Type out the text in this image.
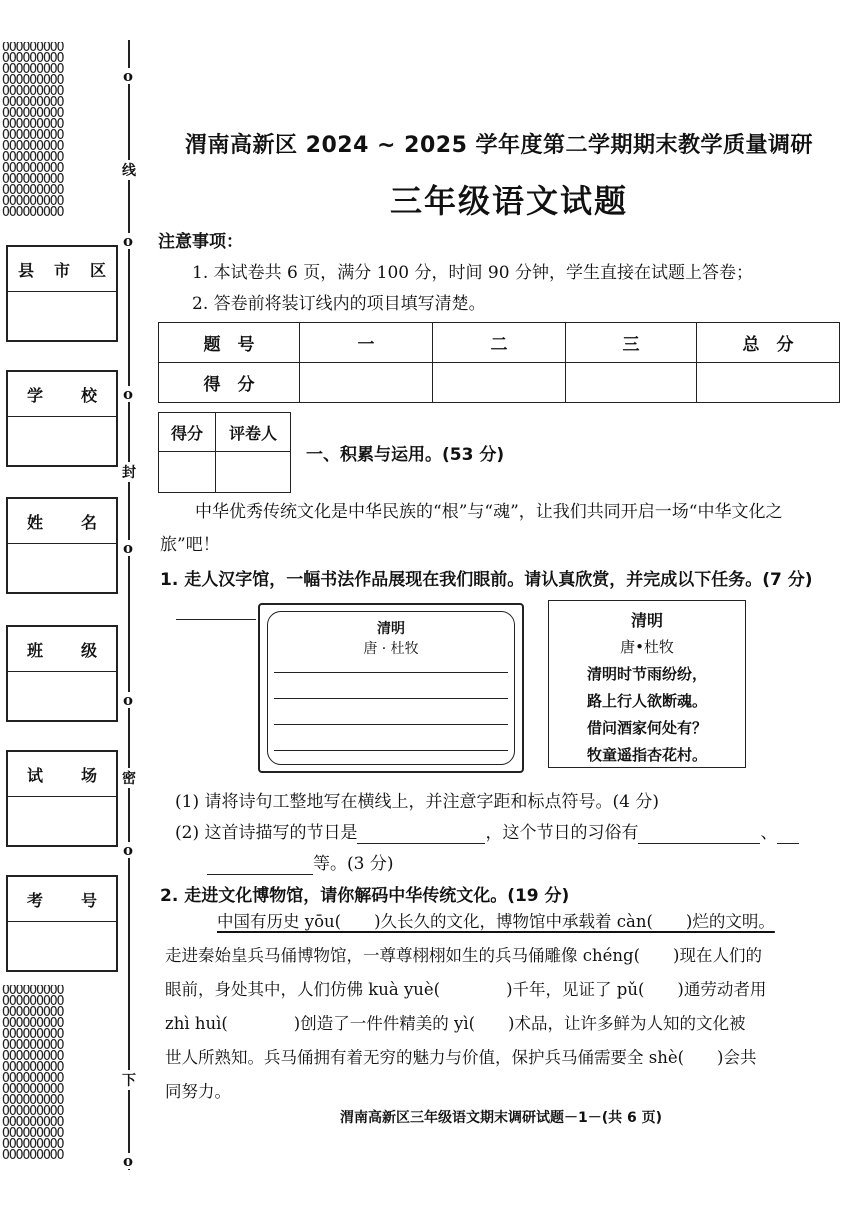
OOOOOOOOO
OOOOOOOOO
OOOOOOOOO
OOOOOOOOO
OOOOOOOOO
OOOOOOOOO
OOOOOOOOO
OOOOOOOOO
OOOOOOOOO
OOOOOOOOO
OOOOOOOOO
OOOOOOOOO
OOOOOOOOO
OOOOOOOOO
OOOOOOOOO
OOOOOOOOO
OOOOOOOOO
OOOOOOOOO
OOOOOOOOO
OOOOOOOOO
OOOOOOOOO
OOOOOOOOO
OOOOOOOOO
OOOOOOOOO
OOOOOOOOO
OOOOOOOOO
OOOOOOOOO
OOOOOOOOO
OOOOOOOOO
OOOOOOOOO
OOOOOOOOO
OOOOOOOOO
县 市 区
学 校
姓 名
班 级
试 场
考 号
o
o
o
o
o
o
o
线
封
密
下
渭南高新区 2024 ~ 2025 学年度第二学期期末教学质量调研
三年级语文试题
注意事项：
1. 本试卷共 6 页，满分 100 分，时间 90 分钟，学生直接在试题上答卷；
2. 答卷前将装订线内的项目填写清楚。
题　号	一	二	三	总　分
得　分				
得分	评卷人

一、积累与运用。(53 分)
中华优秀传统文化是中华民族的“根”与“魂”，让我们共同开启一场“中华文化之
旅”吧！
1. 走人汉字馆，一幅书法作品展现在我们眼前。请认真欣赏，并完成以下任务。(7 分)
清明
唐 · 杜牧
清明
唐•杜牧
清明时节雨纷纷，
路上行人欲断魂。
借问酒家何处有？
牧童遥指杏花村。
(1) 请将诗句工整地写在横线上，并注意字距和标点符号。(4 分)
(2) 这首诗描写的节日是	，这个节日的习俗有	、
等。(3 分)
2. 走进文化博物馆，请你解码中华传统文化。(19 分)
中国有历史 yōu(　　)久长久的文化，博物馆中承载着 càn(　　)烂的文明。
走进秦始皇兵马俑博物馆，一尊尊栩栩如生的兵马俑雕像 chéng(　　)现在人们的
眼前，身处其中，人们仿佛 kuà yuè(　　　　)千年，见证了 pǔ(　　)通劳动者用
zhì huì(　　　　)创造了一件件精美的 yì(　　)术品，让许多鲜为人知的文化被
世人所熟知。兵马俑拥有着无穷的魅力与价值，保护兵马俑需要全 shè(　　)会共
同努力。
渭南高新区三年级语文期末调研试题－1－(共 6 页)
